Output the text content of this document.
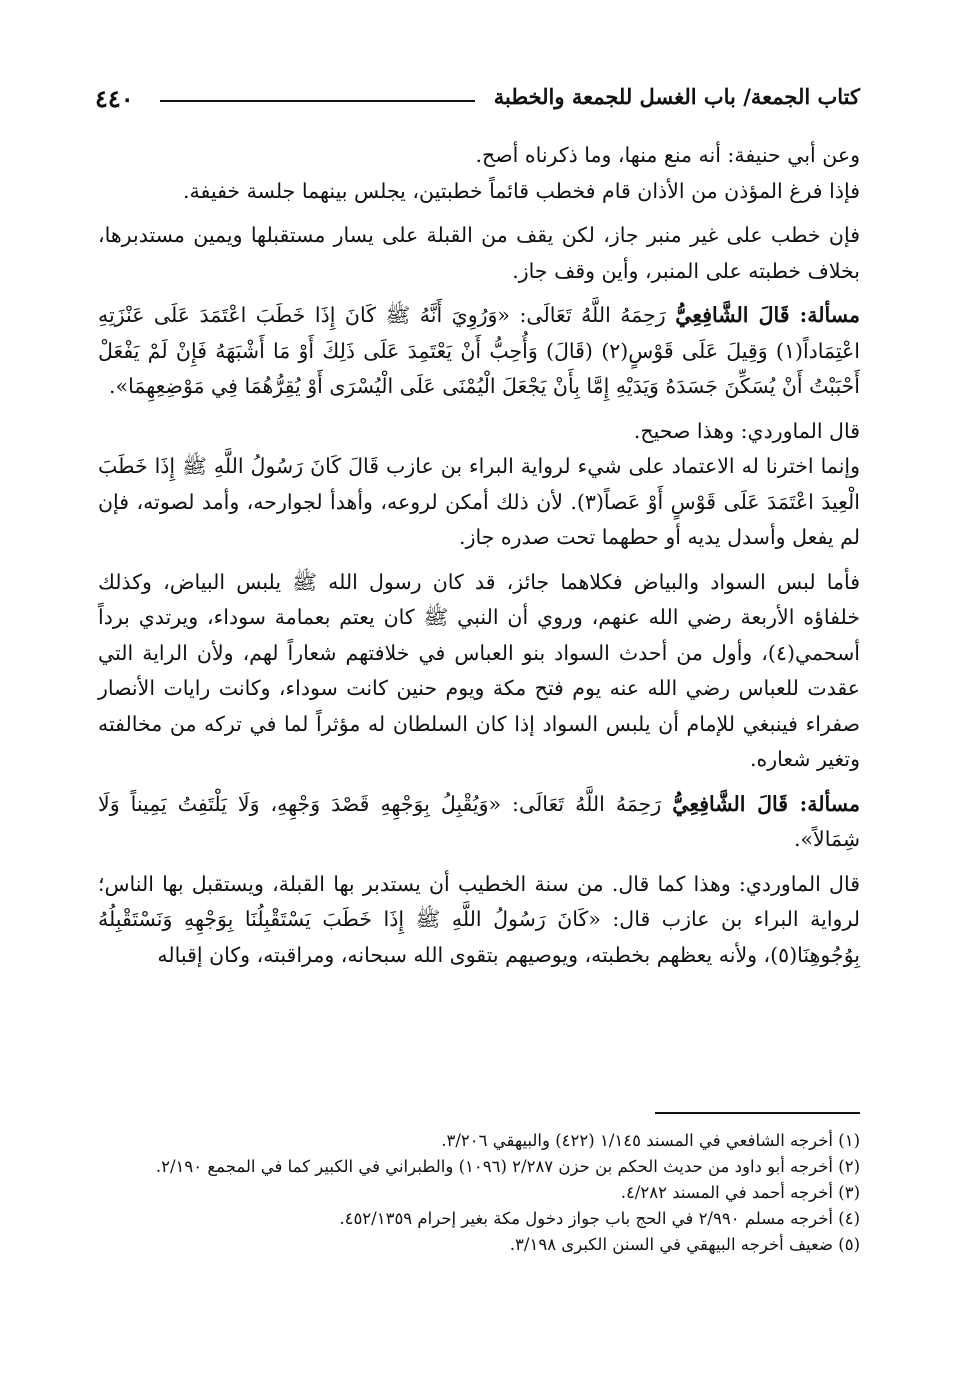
٤٤٠	كتاب الجمعة/ باب الغسل للجمعة والخطبة

وعن أبي حنيفة: أنه منع منها، وما ذكرناه أصح.

فإذا فرغ المؤذن من الأذان قام فخطب قائماً خطبتين، يجلس بينهما جلسة خفيفة.

فإن خطب على غير منبر جاز، لكن يقف من القبلة على يسار مستقبلها ويمين مستدبرها، بخلاف خطبته على المنبر، وأين وقف جاز.

مسألة: قَالَ الشَّافِعِيُّ رَحِمَهُ اللَّهُ تَعَالَى: «وَرُوِيَ أَنَّهُ ﷺ كَانَ إِذَا خَطَبَ اعْتَمَدَ عَلَى عَنْزَتِهِ اعْتِمَاداً(١) وَقِيلَ عَلَى قَوْسٍ(٢) (قَالَ) وَأُحِبُّ أَنْ يَعْتَمِدَ عَلَى ذَلِكَ أَوْ مَا أَشْبَهَهُ فَإِنْ لَمْ يَفْعَلْ أَحْبَبْتُ أَنْ يُسَكِّنَ جَسَدَهُ وَيَدَيْهِ إِمَّا بِأَنْ يَجْعَلَ الْيُمْنَى عَلَى الْيُسْرَى أَوْ يُقِرُّهُمَا فِي مَوْضِعِهِمَا».

قال الماوردي: وهذا صحيح.

وإنما اخترنا له الاعتماد على شيء لرواية البراء بن عازب قَالَ كَانَ رَسُولُ اللَّهِ ﷺ إِذَا خَطَبَ الْعِيدَ اعْتَمَدَ عَلَى قَوْسٍ أَوْ عَصاً(٣). لأن ذلك أمكن لروعه، وأهدأ لجوارحه، وأمد لصوته، فإن لم يفعل وأسدل يديه أو حطهما تحت صدره جاز.

فأما لبس السواد والبياض فكلاهما جائز، قد كان رسول الله ﷺ يلبس البياض، وكذلك خلفاؤه الأربعة رضي الله عنهم، وروي أن النبي ﷺ كان يعتم بعمامة سوداء، ويرتدي برداً أسحمي(٤)، وأول من أحدث السواد بنو العباس في خلافتهم شعاراً لهم، ولأن الراية التي عقدت للعباس رضي الله عنه يوم فتح مكة ويوم حنين كانت سوداء، وكانت رايات الأنصار صفراء فينبغي للإمام أن يلبس السواد إذا كان السلطان له مؤثراً لما في تركه من مخالفته وتغير شعاره.

مسألة: قَالَ الشَّافِعِيُّ رَحِمَهُ اللَّهُ تَعَالَى: «وَيُقْبِلُ بِوَجْهِهِ قَصْدَ وَجْهِهِ، وَلَا يَلْتَفِتُ يَمِيناً وَلَا شِمَالاً».

قال الماوردي: وهذا كما قال. من سنة الخطيب أن يستدبر بها القبلة، ويستقبل بها الناس؛ لرواية البراء بن عازب قال: «كَانَ رَسُولُ اللَّهِ ﷺ إِذَا خَطَبَ يَسْتَقْبِلُنَا بِوَجْهِهِ وَنَسْتَقْبِلُهُ بِوُجُوهِنَا(٥)، ولأنه يعظهم بخطبته، ويوصيهم بتقوى الله سبحانه، ومراقبته، وكان إقباله

(١) أخرجه الشافعي في المسند ١/١٤٥ (٤٢٢) والبيهقي ٣/٢٠٦.

(٢) أخرجه أبو داود من حديث الحكم بن حزن ٢/٢٨٧ (١٠٩٦) والطبراني في الكبير كما في المجمع ٢/١٩٠.

(٣) أخرجه أحمد في المسند ٤/٢٨٢.

(٤) أخرجه مسلم ٢/٩٩٠ في الحج باب جواز دخول مكة بغير إحرام ٤٥٢/١٣٥٩.

(٥) ضعيف أخرجه البيهقي في السنن الكبرى ٣/١٩٨.
